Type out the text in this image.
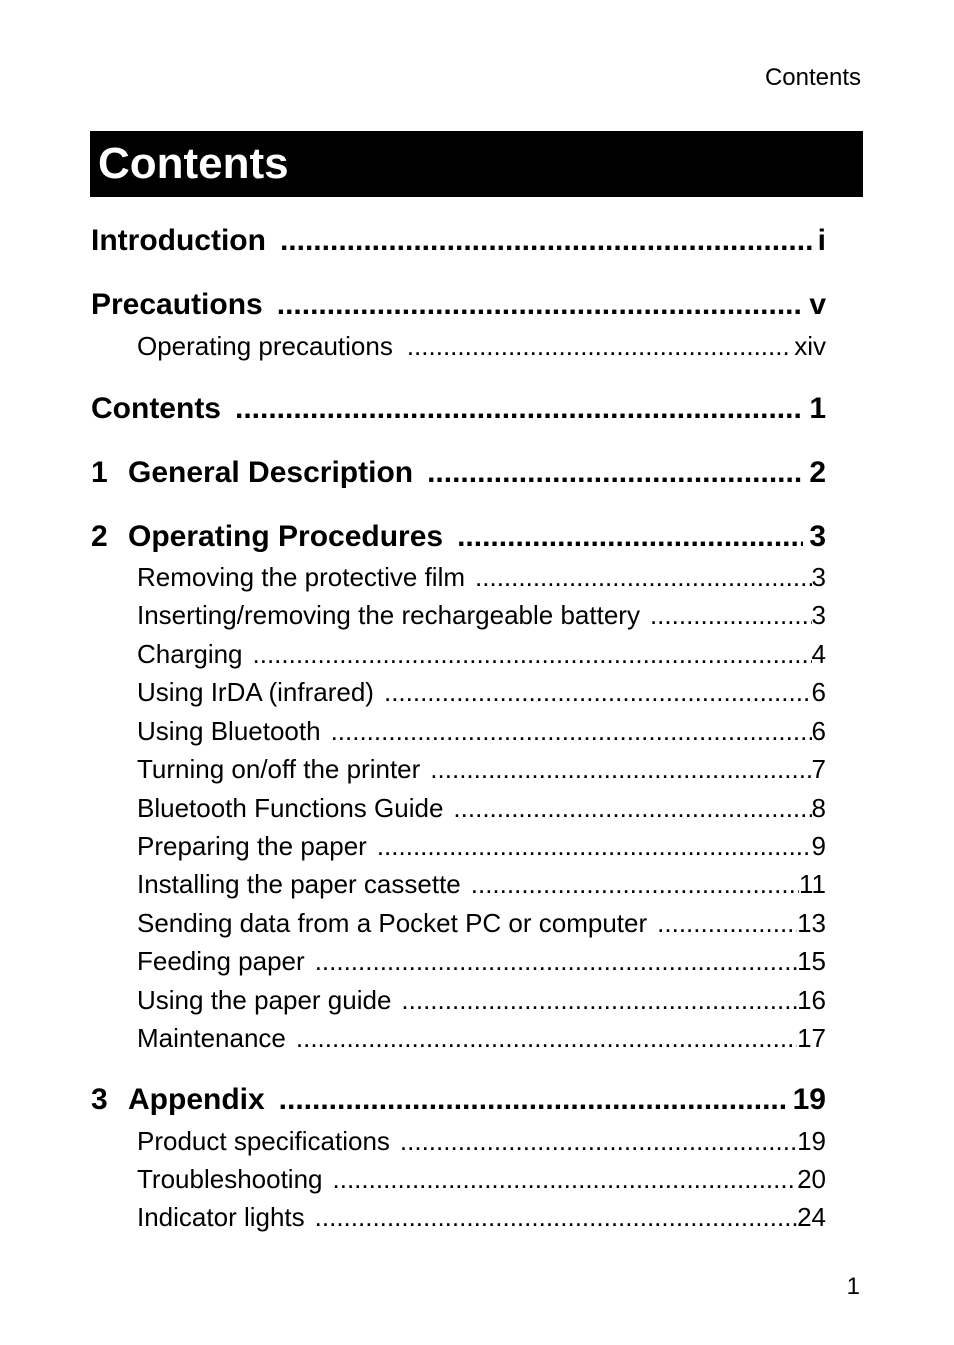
Contents
Contents
Introduction .....	i
Precautions .....	v
Operating precautions .....	xiv
Contents .....	1
1 General Description .....	2
2 Operating Procedures .....	3
Removing the protective film .....	3
Inserting/removing the rechargeable battery .....	3
Charging .....	4
Using IrDA (infrared) .....	6
Using Bluetooth .....	6
Turning on/off the printer .....	7
Bluetooth Functions Guide .....	8
Preparing the paper .....	9
Installing the paper cassette .....	11
Sending data from a Pocket PC or computer .....	13
Feeding paper .....	15
Using the paper guide .....	16
Maintenance .....	17
3 Appendix .....	19
Product specifications .....	19
Troubleshooting .....	20
Indicator lights .....	24
1
